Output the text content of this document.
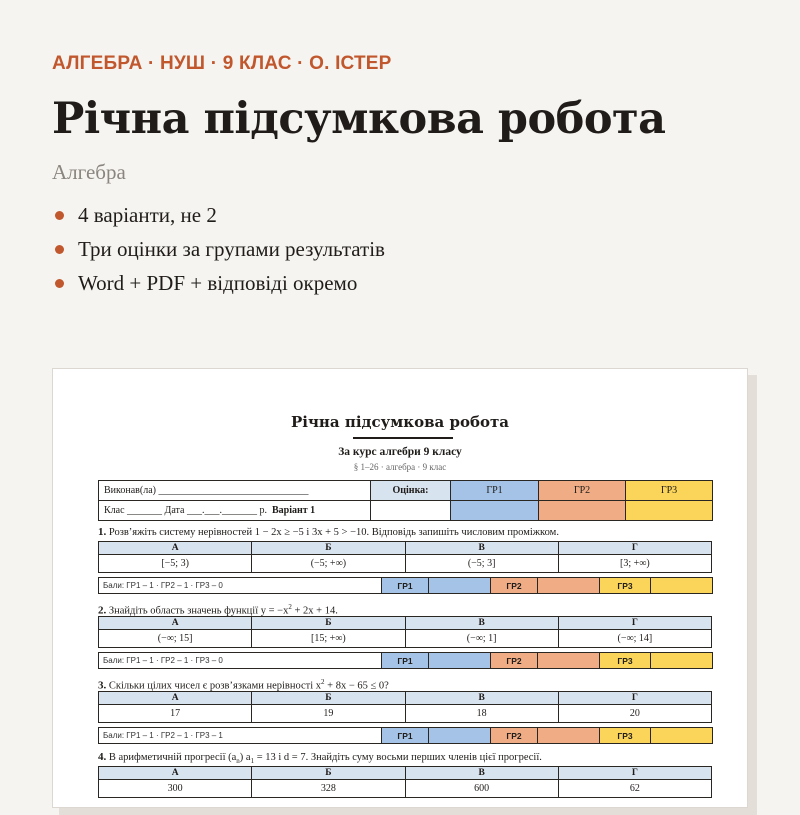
АЛГЕБРА · НУШ · 9 КЛАС · О. ІСТЕР
Річна підсумкова робота
Алгебра
4 варіанти, не 2
Три оцінки за групами результатів
Word + PDF + відповіді окремо
Річна підсумкова робота
За курс алгебри 9 класу
§ 1–26 · алгебра · 9 клас
Виконав(ла) ______________________________	Оцінка:	ГР1	ГР2	ГР3
Клас _______ Дата ___.___._______ р. Варіант 1				
1. Розв’яжіть систему нерівностей 1 − 2x ≥ −5 і 3x + 5 > −10. Відповідь запишіть числовим проміжком.
А	Б	В	Г
[−5; 3)	(−5; +∞)	(−5; 3]	[3; +∞)
Бали: ГР1 – 1 · ГР2 – 1 · ГР3 – 0	ГР1		ГР2		ГР3	
2. Знайдіть область значень функції $y = -x^2 + 2x + 14$.
А	Б	В	Г
(−∞; 15]	[15; +∞)	(−∞; 1]	(−∞; 14]
Бали: ГР1 – 1 · ГР2 – 1 · ГР3 – 0	ГР1		ГР2		ГР3	
3. Скільки цілих чисел є розв’язками нерівності $x^2 + 8x - 65 \le 0$?
А	Б	В	Г
17	19	18	20
Бали: ГР1 – 1 · ГР2 – 1 · ГР3 – 1	ГР1		ГР2		ГР3	
4. В арифметичній прогресії $(a_n) a_1 = 13$ і d = 7. Знайдіть суму восьми перших членів цієї прогресії.
А	Б	В	Г
300	328	600	62
